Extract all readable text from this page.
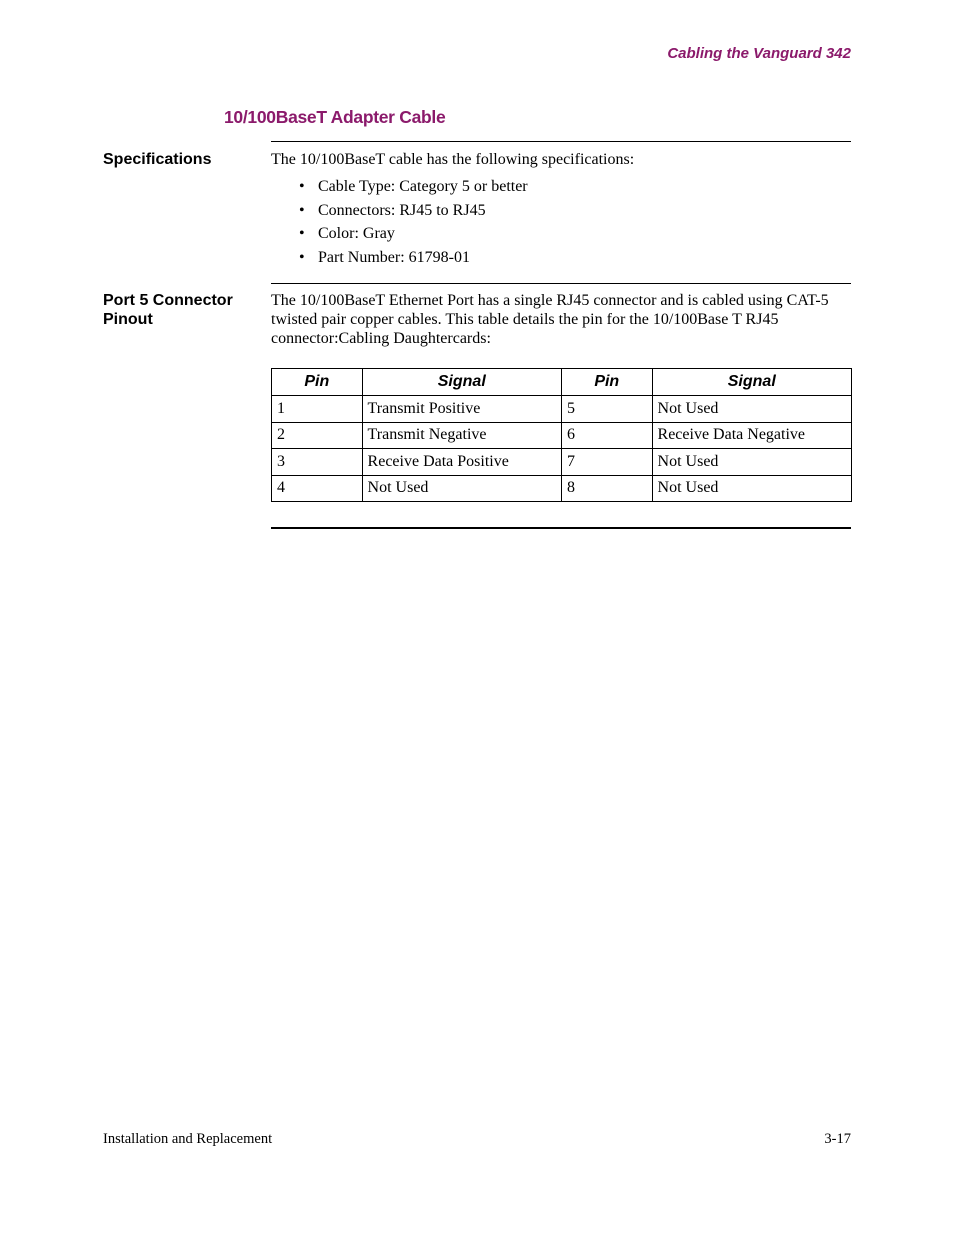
Cabling the Vanguard 342
10/100BaseT Adapter Cable
Specifications	The 10/100BaseT cable has the following specifications:
• Cable Type: Category 5 or better
• Connectors: RJ45 to RJ45
• Color: Gray
• Part Number: 61798-01
Port 5 Connector
Pinout
The 10/100BaseT Ethernet Port has a single RJ45 connector and is cabled using CAT-5 twisted pair copper cables. This table details the pin for the 10/100Base T RJ45 connector:Cabling Daughtercards:
Pin	Signal	Pin	Signal
1	Transmit Positive	5	Not Used
2	Transmit Negative	6	Receive Data Negative
3	Receive Data Positive	7	Not Used
4	Not Used	8	Not Used
Installation and Replacement	3-17
